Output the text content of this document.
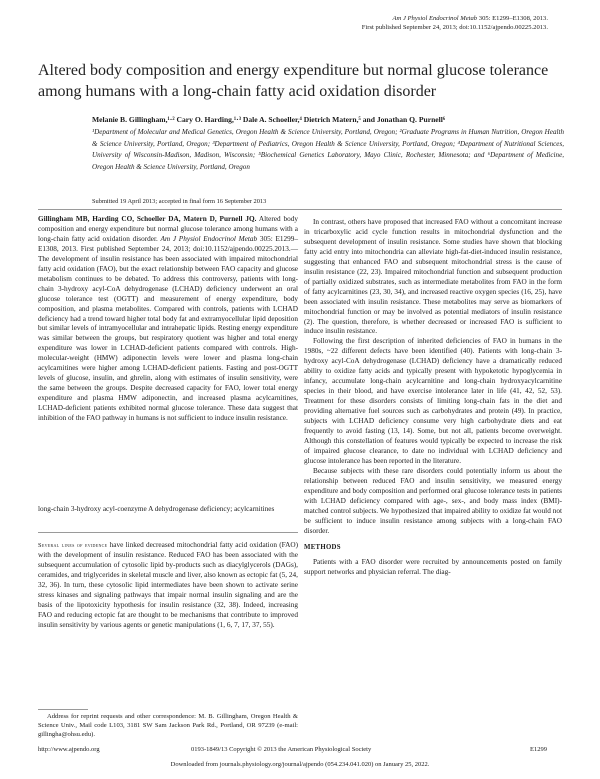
Am J Physiol Endocrinol Metab 305: E1299–E1308, 2013.
First published September 24, 2013; doi:10.1152/ajpendo.00225.2013.
Altered body composition and energy expenditure but normal glucose tolerance among humans with a long-chain fatty acid oxidation disorder
Melanie B. Gillingham,¹·² Cary O. Harding,¹·³ Dale A. Schoeller,⁴ Dietrich Matern,⁵ and Jonathan Q. Purnell⁶
¹Department of Molecular and Medical Genetics, Oregon Health & Science University, Portland, Oregon; ²Graduate Programs in Human Nutrition, Oregon Health & Science University, Portland, Oregon; ³Department of Pediatrics, Oregon Health & Science University, Portland, Oregon; ⁴Department of Nutritional Sciences, University of Wisconsin-Madison, Madison, Wisconsin; ⁵Biochemical Genetics Laboratory, Mayo Clinic, Rochester, Minnesota; and ⁶Department of Medicine, Oregon Health & Science University, Portland, Oregon
Submitted 19 April 2013; accepted in final form 16 September 2013

Gillingham MB, Harding CO, Schoeller DA, Matern D, Purnell JQ. Altered body composition and energy expenditure but normal glucose tolerance among humans with a long-chain fatty acid oxidation disorder. Am J Physiol Endocrinol Metab 305: E1299–E1308, 2013. First published September 24, 2013; doi:10.1152/ajpendo.00225.2013.—The development of insulin resistance has been associated with impaired mitochondrial fatty acid oxidation (FAO), but the exact relationship between FAO capacity and glucose metabolism continues to be debated. To address this controversy, patients with long-chain 3-hydroxy acyl-CoA dehydrogenase (LCHAD) deficiency underwent an oral glucose tolerance test (OGTT) and measurement of energy expenditure, body composition, and plasma metabolites. Compared with controls, patients with LCHAD deficiency had a trend toward higher total body fat and extramyocellular lipid deposition but similar levels of intramyocellular and intrahepatic lipids. Resting energy expenditure was similar between the groups, but respiratory quotient was higher and total energy expenditure was lower in LCHAD-deficient patients compared with controls. High-molecular-weight (HMW) adiponectin levels were lower and plasma long-chain acylcarnitines were higher among LCHAD-deficient patients. Fasting and post-OGTT levels of glucose, insulin, and ghrelin, along with estimates of insulin sensitivity, were the same between the groups. Despite decreased capacity for FAO, lower total energy expenditure and plasma HMW adiponectin, and increased plasma acylcarnitines, LCHAD-deficient patients exhibited normal glucose tolerance. These data suggest that inhibition of the FAO pathway in humans is not sufficient to induce insulin resistance.

long-chain 3-hydroxy acyl-coenzyme A dehydrogenase deficiency; acylcarnitines

Several lines of evidence have linked decreased mitochondrial fatty acid oxidation (FAO) with the development of insulin resistance. Reduced FAO has been associated with the subsequent accumulation of cytosolic lipid by-products such as diacylglycerols (DAGs), ceramides, and triglycerides in skeletal muscle and liver, also known as ectopic fat (5, 24, 32, 36). In turn, these cytosolic lipid intermediates have been shown to activate serine stress kinases and signaling pathways that impair normal insulin signaling and are the basis of the lipotoxicity hypothesis for insulin resistance (32, 38). Indeed, increasing FAO and reducing ectopic fat are thought to be mechanisms that contribute to improved insulin sensitivity by various agents or genetic manipulations (1, 6, 7, 17, 37, 55).

Address for reprint requests and other correspondence: M. B. Gillingham, Oregon Health & Science Univ., Mail code L103, 3181 SW Sam Jackson Park Rd., Portland, OR 97239 (e-mail: gillingha@ohsu.edu).

In contrast, others have proposed that increased FAO without a concomitant increase in tricarboxylic acid cycle function results in mitochondrial dysfunction and the subsequent development of insulin resistance. Some studies have shown that blocking fatty acid entry into mitochondria can alleviate high-fat-diet-induced insulin resistance, suggesting that enhanced FAO and subsequent mitochondrial stress is the cause of insulin resistance (22, 23). Impaired mitochondrial function and subsequent production of partially oxidized substrates, such as intermediate metabolites from FAO in the form of fatty acylcarnitines (23, 30, 34), and increased reactive oxygen species (16, 25), have been associated with insulin resistance. These metabolites may serve as biomarkers of mitochondrial function or may be involved as potential mediators of insulin resistance (2). The question, therefore, is whether decreased or increased FAO is sufficient to induce insulin resistance.

Following the first description of inherited deficiencies of FAO in humans in the 1980s, ~22 different defects have been identified (40). Patients with long-chain 3-hydroxy acyl-CoA dehydrogenase (LCHAD) deficiency have a dramatically reduced ability to oxidize fatty acids and typically present with hypoketotic hypoglycemia in infancy, accumulate long-chain acylcarnitine and long-chain hydroxyacylcarnitine species in their blood, and have exercise intolerance later in life (41, 42, 52, 53). Treatment for these disorders consists of limiting long-chain fats in the diet and providing alternative fuel sources such as carbohydrates and protein (49). In practice, subjects with LCHAD deficiency consume very high carbohydrate diets and eat frequently to avoid fasting (13, 14). Some, but not all, patients become overweight. Although this constellation of features would typically be expected to increase the risk of impaired glucose clearance, to date no individual with LCHAD deficiency and glucose intolerance has been reported in the literature.

Because subjects with these rare disorders could potentially inform us about the relationship between reduced FAO and insulin sensitivity, we measured energy expenditure and body composition and performed oral glucose tolerance tests in patients with LCHAD deficiency compared with age-, sex-, and body mass index (BMI)-matched control subjects. We hypothesized that impaired ability to oxidize fat would not be sufficient to induce insulin resistance among subjects with a long-chain FAO disorder.

METHODS

Patients with a FAO disorder were recruited by announcements posted on family support networks and physician referral. The diag-

http://www.ajpendo.org	0193-1849/13 Copyright © 2013 the American Physiological Society	E1299
Downloaded from journals.physiology.org/journal/ajpendo (054.234.041.020) on January 25, 2022.
